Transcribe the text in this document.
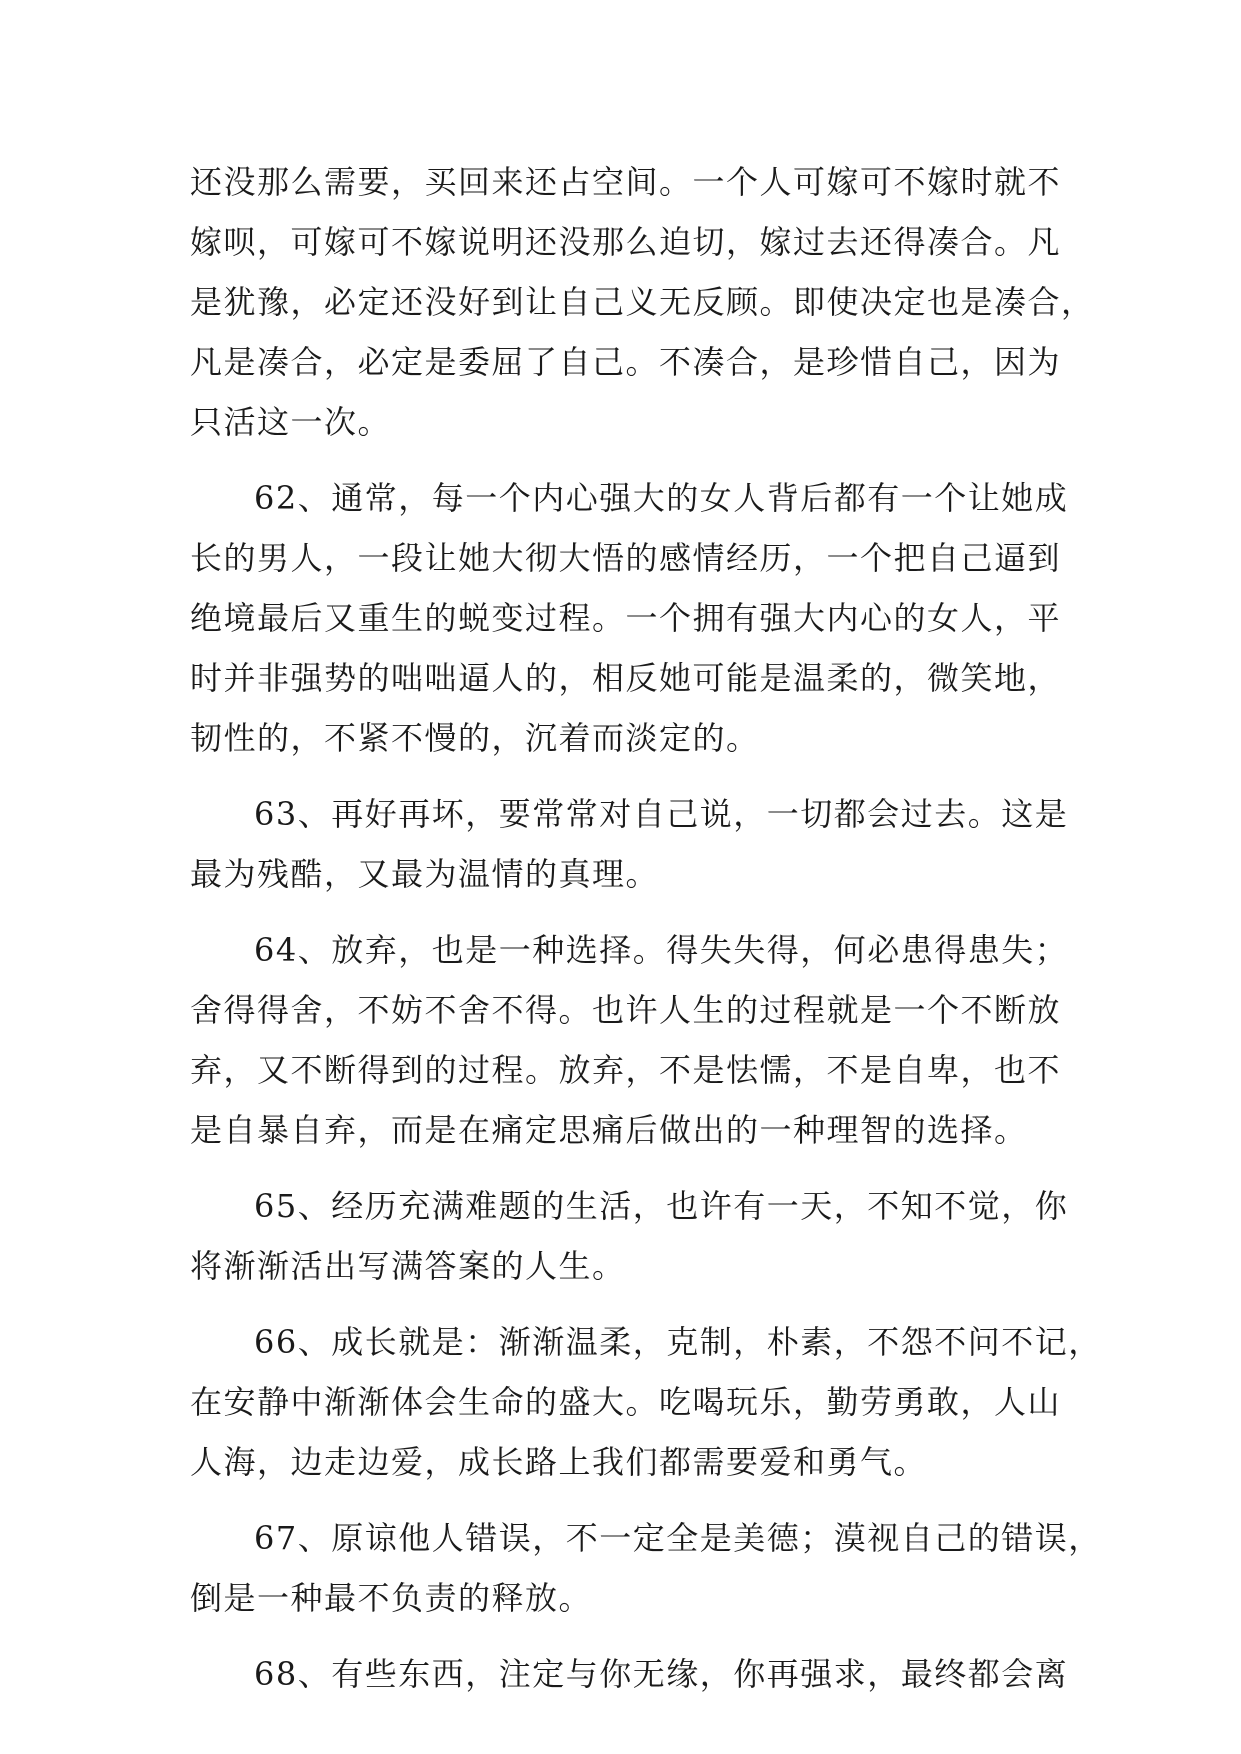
还没那么需要，买回来还占空间。一个人可嫁可不嫁时就不
嫁呗，可嫁可不嫁说明还没那么迫切，嫁过去还得凑合。凡
是犹豫，必定还没好到让自己义无反顾。即使决定也是凑合，
凡是凑合，必定是委屈了自己。不凑合，是珍惜自己，因为
只活这一次。
62、通常，每一个内心强大的女人背后都有一个让她成
长的男人，一段让她大彻大悟的感情经历，一个把自己逼到
绝境最后又重生的蜕变过程。一个拥有强大内心的女人，平
时并非强势的咄咄逼人的，相反她可能是温柔的，微笑地，
韧性的，不紧不慢的，沉着而淡定的。
63、再好再坏，要常常对自己说，一切都会过去。这是
最为残酷，又最为温情的真理。
64、放弃，也是一种选择。得失失得，何必患得患失；
舍得得舍，不妨不舍不得。也许人生的过程就是一个不断放
弃，又不断得到的过程。放弃，不是怯懦，不是自卑，也不
是自暴自弃，而是在痛定思痛后做出的一种理智的选择。
65、经历充满难题的生活，也许有一天，不知不觉，你
将渐渐活出写满答案的人生。
66、成长就是：渐渐温柔，克制，朴素，不怨不问不记，
在安静中渐渐体会生命的盛大。吃喝玩乐，勤劳勇敢，人山
人海，边走边爱，成长路上我们都需要爱和勇气。
67、原谅他人错误，不一定全是美德；漠视自己的错误，
倒是一种最不负责的释放。
68、有些东西，注定与你无缘，你再强求，最终都会离
